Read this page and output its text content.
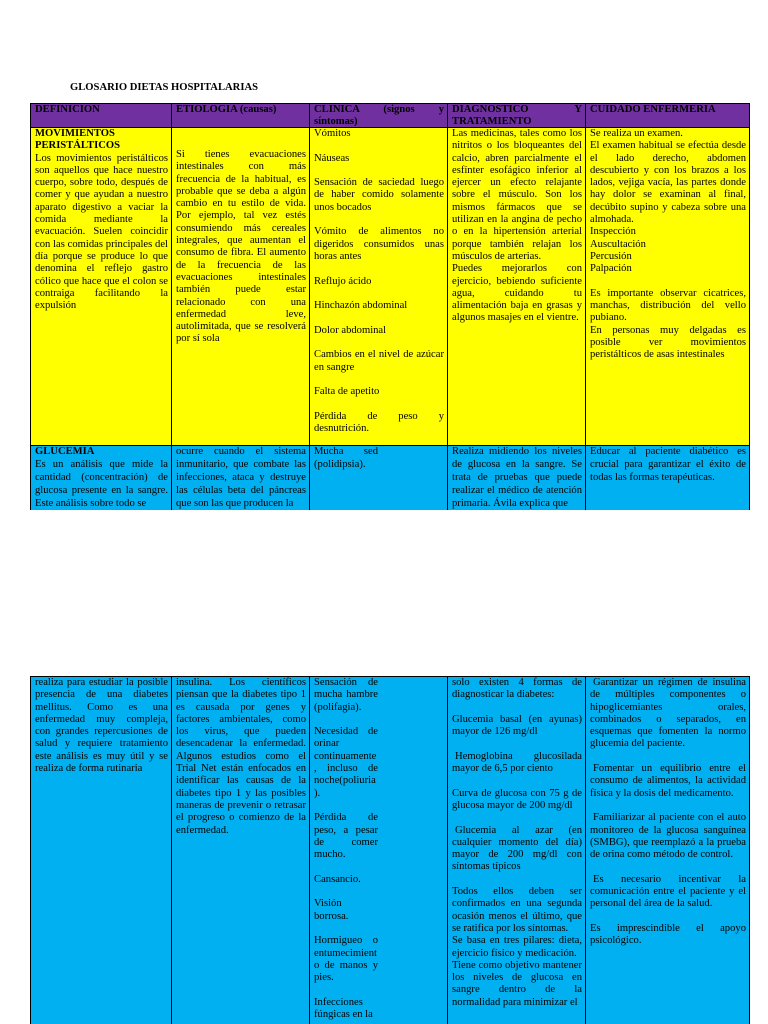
GLOSARIO DIETAS HOSPITALARIAS
DEFINICION	ETIOLOGIA (causas)	CLINICA (signos y síntomas)
DIAGNOSTICO Y TRATAMIENTO
CUIDADO ENFERMERIA

MOVIMIENTOS PERISTÁLTICOS

Los movimientos peristálticos son aquellos que hace nuestro cuerpo, sobre todo, después de comer y que ayudan a nuestro aparato digestivo a vaciar la comida mediante la evacuación. Suelen coincidir con las comidas principales del día porque se produce lo que denomina el reflejo gastro cólico que hace que el colon se contraiga facilitando la expulsión

Si tienes evacuaciones intestinales con más frecuencia de la habitual, es probable que se deba a algún cambio en tu estilo de vida. Por ejemplo, tal vez estés consumiendo más cereales integrales, que aumentan el consumo de fibra. El aumento de la frecuencia de las evacuaciones intestinales también puede estar relacionado con una enfermedad leve, autolimitada, que se resolverá por sí sola

Vómitos

Náuseas

Sensación de saciedad luego de haber comido solamente unos bocados

Vómito de alimentos no digeridos consumidos unas horas antes

Reflujo ácido

Hinchazón abdominal

Dolor abdominal

Cambios en el nivel de azúcar en sangre

Falta de apetito

Pérdida de peso y desnutrición.

Las medicinas, tales como los nitritos o los bloqueantes del calcio, abren parcialmente el esfínter esofágico inferior al ejercer un efecto relajante sobre el músculo. Son los mismos fármacos que se utilizan en la angina de pecho o en la hipertensión arterial porque también relajan los músculos de arterias.

Puedes mejorarlos con ejercicio, bebiendo suficiente agua, cuidando tu alimentación baja en grasas y algunos masajes en el vientre.

Se realiza un examen.

El examen habitual se efectúa desde el lado derecho, abdomen descubierto y con los brazos a los lados, vejiga vacía, las partes donde hay dolor se examinan al final, decúbito supino y cabeza sobre una almohada.

Inspección

Auscultación

Percusión

Palpación

Es importante observar cicatrices, manchas, distribución del vello pubiano.

En personas muy delgadas es posible ver movimientos peristálticos de asas intestinales

GLUCEMIA

Es un análisis que mide la cantidad (concentración) de glucosa presente en la sangre. Este análisis sobre todo se

ocurre cuando el sistema inmunitario, que combate las infecciones, ataca y destruye las células beta del páncreas que son las que producen la

Mucha sed (polidipsia).

Realiza midiendo los niveles de glucosa en la sangre. Se trata de pruebas que puede realizar el médico de atención primaria. Ávila explica que

Educar al paciente diabético es crucial para garantizar el éxito de todas las formas terapéuticas.

realiza para estudiar la posible presencia de una diabetes mellitus. Como es una enfermedad muy compleja, con grandes repercusiones de salud y requiere tratamiento este análisis es muy útil y se realiza de forma rutinaria

insulina. Los científicos piensan que la diabetes tipo 1 es causada por genes y factores ambientales, como los virus, que pueden desencadenar la enfermedad. Algunos estudios como el Trial Net están enfocados en identificar las causas de la diabetes tipo 1 y las posibles maneras de prevenir o retrasar el progreso o comienzo de la enfermedad.

Sensación de mucha hambre (polifagia).

Necesidad de orinar continuamente , incluso de noche(poliuria ).

Pérdida de peso, a pesar de comer mucho.

Cansancio.

Visión borrosa.

Hormigueo o entumecimiento de manos y pies.

Infecciones fúngicas en la

solo existen 4 formas de diagnosticar la diabetes:

Glucemia basal (en ayunas) mayor de 126 mg/dl

Hemoglobina glucosilada mayor de 6,5 por ciento

Curva de glucosa con 75 g de glucosa mayor de 200 mg/dl

Glucemia al azar (en cualquier momento del día) mayor de 200 mg/dl con síntomas típicos

Todos ellos deben ser confirmados en una segunda ocasión menos el último, que se ratifica por los síntomas.

Se basa en tres pilares: dieta, ejercicio físico y medicación.

Tiene como objetivo mantener los niveles de glucosa en sangre dentro de la normalidad para minimizar el

Garantizar un régimen de insulina de múltiples componentes o hipoglicemiantes orales, combinados o separados, en esquemas que fomenten la normo glucemia del paciente.

Fomentar un equilibrio entre el consumo de alimentos, la actividad física y la dosis del medicamento.

Familiarizar al paciente con el auto monitoreo de la glucosa sanguínea (SMBG), que reemplazó a la prueba de orina como método de control.

Es necesario incentivar la comunicación entre el paciente y el personal del área de la salud.

Es imprescindible el apoyo psicológico.
